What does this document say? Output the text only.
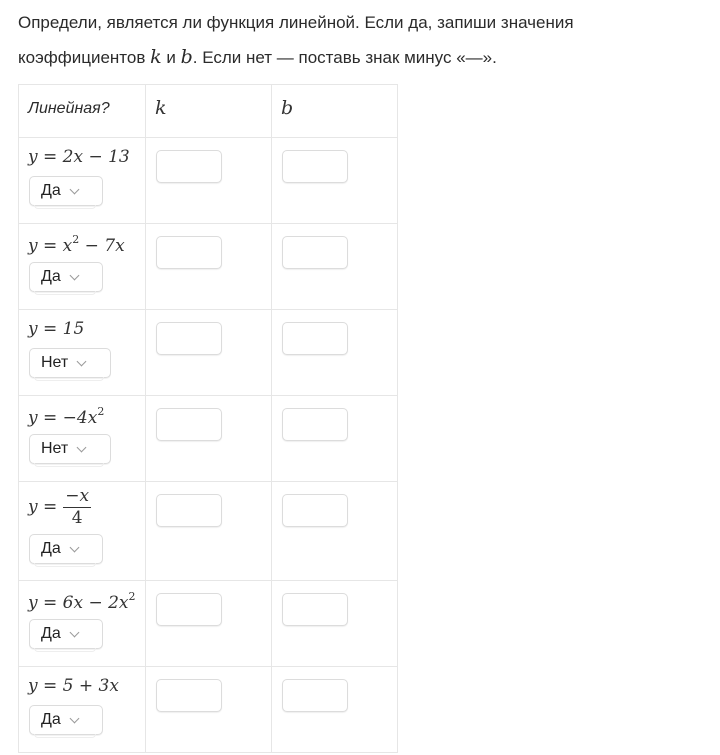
Определи, является ли функция линейной. Если да, запиши значения
коэффициентов k и b. Если нет — поставь знак минус «—».
Линейная?	k	b

y = 2x − 13
Да		

$y = x^2 - 7x$
Да		

y = 15
Нет		

$y = -4x^2$
Нет		

$y = \frac{-x}{4}$
Да		

$y = 6x - 2x^2$
Да		

y = 5 + 3x
Да		
